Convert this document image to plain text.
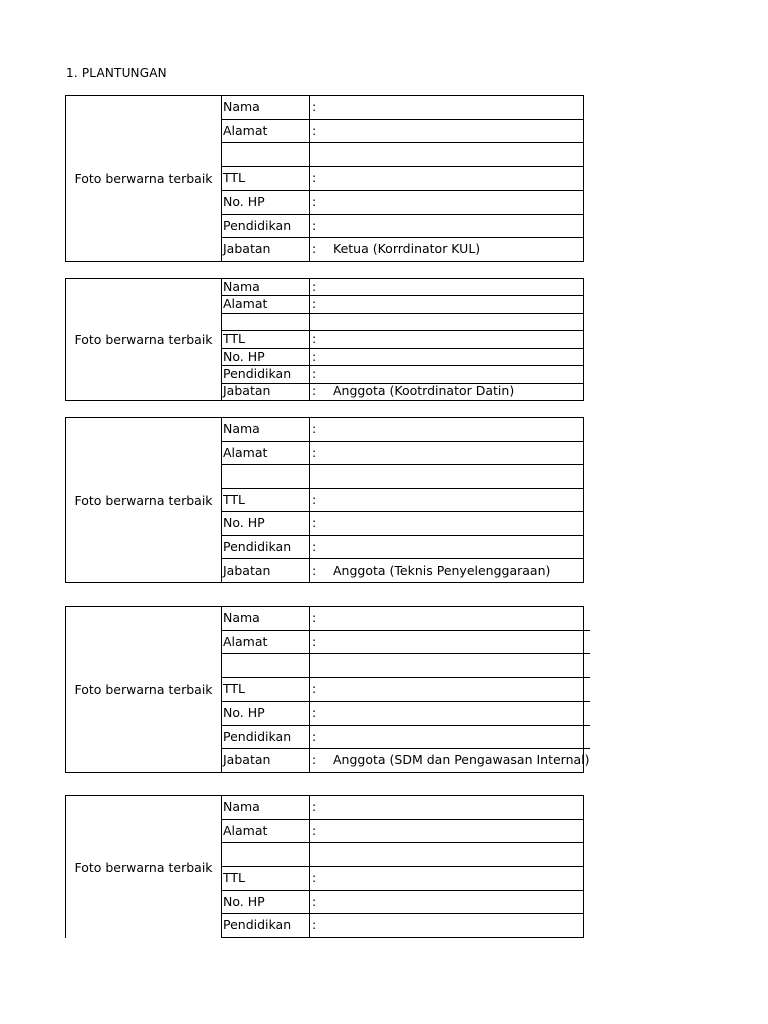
1. PLANTUNGAN
Foto berwarna terbaik
Nama	:
Alamat	:
TTL	:
No. HP	:
Pendidikan	:
Jabatan	:	Ketua (Korrdinator KUL)
Foto berwarna terbaik
Nama	:
Alamat	:
TTL	:
No. HP	:
Pendidikan	:
Jabatan	:	Anggota (Kootrdinator Datin)
Foto berwarna terbaik
Nama	:
Alamat	:
TTL	:
No. HP	:
Pendidikan	:
Jabatan	:	Anggota (Teknis Penyelenggaraan)
Foto berwarna terbaik
Nama	:
Alamat	:
TTL	:
No. HP	:
Pendidikan	:
Jabatan	:	Anggota (SDM dan Pengawasan Internal)
Foto berwarna terbaik
Nama	:
Alamat	:
TTL	:
No. HP	:
Pendidikan	:
